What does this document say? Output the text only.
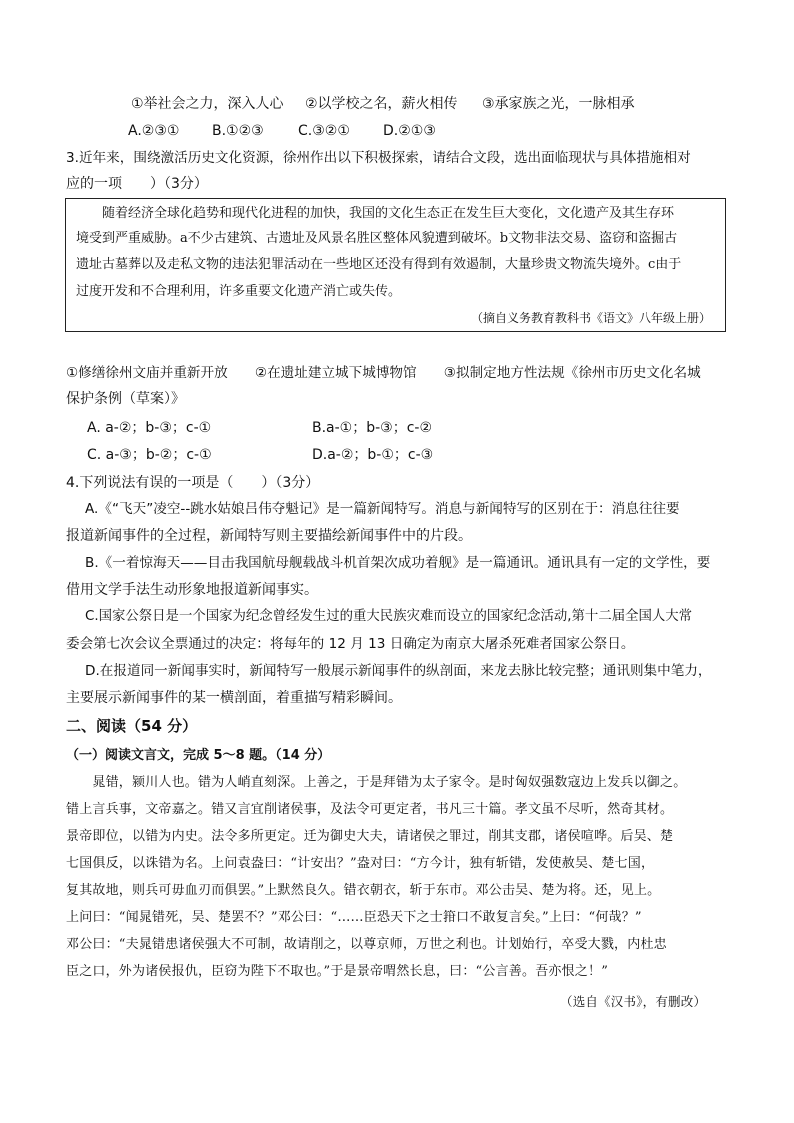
①举社会之力，深入人心 ②以学校之名，薪火相传 ③承家族之光，一脉相承
A.②③① B.①②③ C.③②① D.②①③
3.近年来，围绕激活历史文化资源，徐州作出以下积极探索，请结合文段，选出面临现状与具体措施相对
应的一项　　）（3分）
　　随着经济全球化趋势和现代化进程的加快，我国的文化生态正在发生巨大变化，文化遗产及其生存环
境受到严重威胁。a不少古建筑、古遗址及风景名胜区整体风貌遭到破坏。b文物非法交易、盗窃和盗掘古
遗址古墓葬以及走私文物的违法犯罪活动在一些地区还没有得到有效遏制，大量珍贵文物流失境外。c由于
过度开发和不合理利用，许多重要文化遗产消亡或失传。
（摘自义务教育教科书《语文》八年级上册）
①修缮徐州文庙并重新开放　　②在遗址建立城下城博物馆　　③拟制定地方性法规《徐州市历史文化名城
保护条例（草案）》
A. a-②；b-③；c-①	B.a-①；b-③；c-②
C. a-③；b-②；c-①	D.a-②；b-①；c-③
4.下列说法有误的一项是（　　）（3分）
A.《“飞天”凌空--跳水姑娘吕伟夺魁记》是一篇新闻特写。消息与新闻特写的区别在于：消息往往要
报道新闻事件的全过程，新闻特写则主要描绘新闻事件中的片段。
B.《一着惊海天——目击我国航母舰载战斗机首架次成功着舰》是一篇通讯。通讯具有一定的文学性，要
借用文学手法生动形象地报道新闻事实。
C.国家公祭日是一个国家为纪念曾经发生过的重大民族灾难而设立的国家纪念活动,第十二届全国人大常
委会第七次会议全票通过的决定：将每年的 12 月 13 日确定为南京大屠杀死难者国家公祭日。
D.在报道同一新闻事实时，新闻特写一般展示新闻事件的纵剖面，来龙去脉比较完整；通讯则集中笔力，
主要展示新闻事件的某一横剖面，着重描写精彩瞬间。
二、阅读（54 分）
（一）阅读文言文，完成 5～8 题。（14 分）
　　晁错，颍川人也。错为人峭直刻深。上善之，于是拜错为太子家令。是时匈奴强数寇边上发兵以御之。
错上言兵事，文帝嘉之。错又言宜削诸侯事，及法令可更定者，书凡三十篇。孝文虽不尽听，然奇其材。
景帝即位，以错为内史。法令多所更定。迁为御史大夫，请诸侯之罪过，削其支郡，诸侯喧哗。后吴、楚
七国俱反，以诛错为名。上问袁盎曰：“计安出？”盎对曰：“方今计，独有斩错，发使赦吴、楚七国，
复其故地，则兵可毋血刃而俱罢。”上默然良久。错衣朝衣，斩于东市。邓公击吴、楚为将。还，见上。
上问曰：“闻晁错死，吴、楚罢不？”邓公曰：“……臣恐天下之士箝口不敢复言矣。”上曰：“何哉？”
邓公曰：“夫晁错患诸侯强大不可制，故请削之，以尊京师，万世之利也。计划始行，卒受大戮，内杜忠
臣之口，外为诸侯报仇，臣窃为陛下不取也。”于是景帝喟然长息，曰：“公言善。吾亦恨之！”
（选自《汉书》，有删改）
